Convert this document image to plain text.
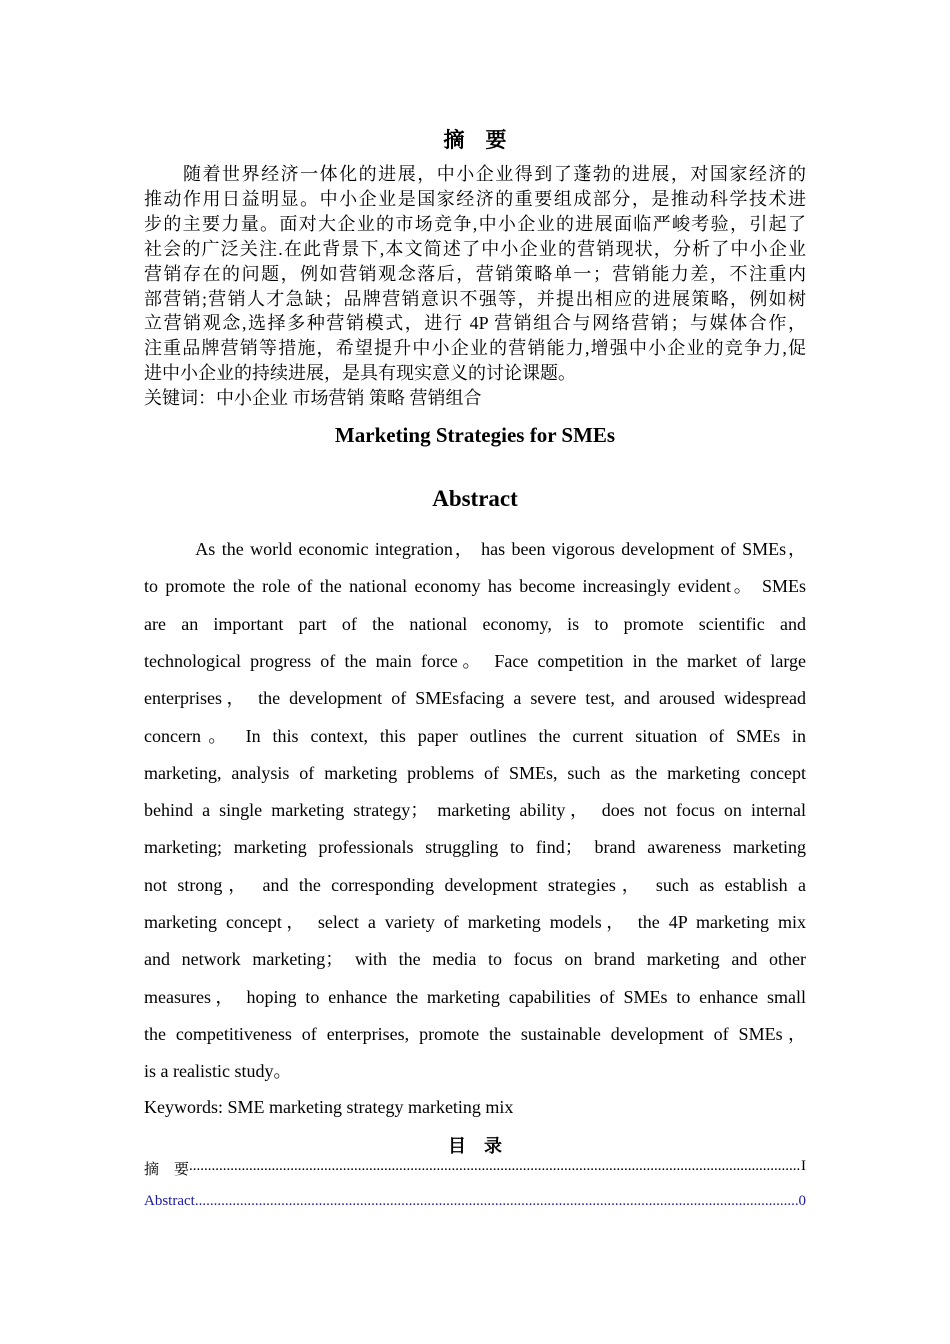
摘　要
　　随着世界经济一体化的进展，中小企业得到了蓬勃的进展，对国家经济的
推动作用日益明显。中小企业是国家经济的重要组成部分，是推动科学技术进
步的主要力量。面对大企业的市场竞争,中小企业的进展面临严峻考验，引起了
社会的广泛关注.在此背景下,本文简述了中小企业的营销现状，分析了中小企业
营销存在的问题，例如营销观念落后，营销策略单一；营销能力差，不注重内
部营销;营销人才急缺；品牌营销意识不强等，并提出相应的进展策略，例如树
立营销观念,选择多种营销模式，进行 4P 营销组合与网络营销；与媒体合作，
注重品牌营销等措施，希望提升中小企业的营销能力,增强中小企业的竞争力,促
进中小企业的持续进展，是具有现实意义的讨论课题。
关键词：中小企业 市场营销 策略 营销组合
Marketing Strategies for SMEs
Abstract
As the world economic integration， has been vigorous development of SMEs，
to promote the role of the national economy has become increasingly evident。 SMEs
are an important part of the national economy, is to promote scientific and
technological progress of the main force。 Face competition in the market of large
enterprises， the development of SMEsfacing a severe test, and aroused widespread
concern。 In this context, this paper outlines the current situation of SMEs in
marketing, analysis of marketing problems of SMEs, such as the marketing concept
behind a single marketing strategy； marketing ability， does not focus on internal
marketing; marketing professionals struggling to find； brand awareness marketing
not strong， and the corresponding development strategies， such as establish a
marketing concept， select a variety of marketing models， the 4P marketing mix
and network marketing； with the media to focus on brand marketing and other
measures， hoping to enhance the marketing capabilities of SMEs to enhance small
the competitiveness of enterprises, promote the sustainable development of SMEs，
is a realistic study。
Keywords: SME marketing strategy marketing mix
目　录
摘　要 .....	I
Abstract .....	0
